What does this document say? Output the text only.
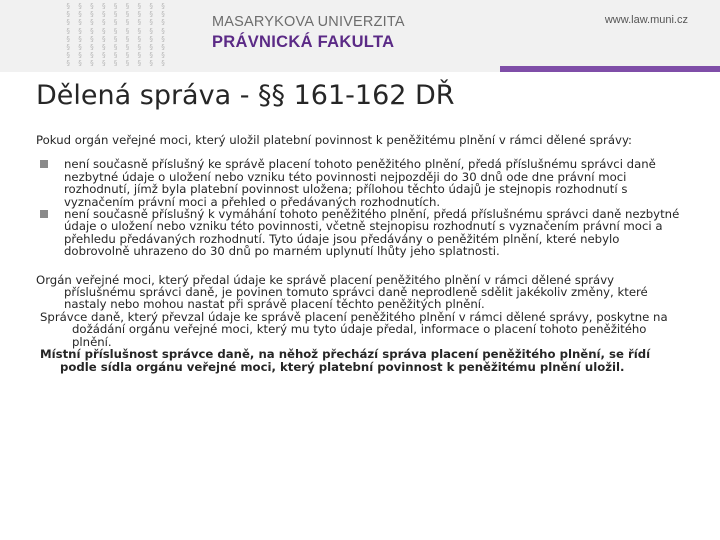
§ § § § § § § § §
§ § § § § § § § §
§ § § § § § § § §
§ § § § § § § § §
§ § § § § § § § §
§ § § § § § § § §
§ § § § § § § § §
§ § § § § § § § §
MASARYKOVA UNIVERZITA
PRÁVNICKÁ FAKULTA
www.law.muni.cz
Dělená správa - §§ 161-162 DŘ

Pokud orgán veřejné moci, který uložil platební povinnost k peněžitému plnění v rámci dělené správy:

není současně příslušný ke správě placení tohoto peněžitého plnění, předá příslušnému správci daně nezbytné údaje o uložení nebo vzniku této povinnosti nejpozději do 30 dnů ode dne právní moci rozhodnutí, jímž byla platební povinnost uložena; přílohou těchto údajů je stejnopis rozhodnutí s vyznačením právní moci a přehled o předávaných rozhodnutích.
není současně příslušný k vymáhání tohoto peněžitého plnění, předá příslušnému správci daně nezbytné údaje o uložení nebo vzniku této povinnosti, včetně stejnopisu rozhodnutí s vyznačením právní moci a přehledu předávaných rozhodnutí. Tyto údaje jsou předávány o peněžitém plnění, které nebylo dobrovolně uhrazeno do 30 dnů po marném uplynutí lhůty jeho splatnosti.

Orgán veřejné moci, který předal údaje ke správě placení peněžitého plnění v rámci dělené správy příslušnému správci daně, je povinen tomuto správci daně neprodleně sdělit jakékoliv změny, které nastaly nebo mohou nastat při správě placení těchto peněžitých plnění.

Správce daně, který převzal údaje ke správě placení peněžitého plnění v rámci dělené správy, poskytne na dožádání orgánu veřejné moci, který mu tyto údaje předal, informace o placení tohoto peněžitého plnění.

Místní příslušnost správce daně, na něhož přechází správa placení peněžitého plnění, se řídí podle sídla orgánu veřejné moci, který platební povinnost k peněžitému plnění uložil.
